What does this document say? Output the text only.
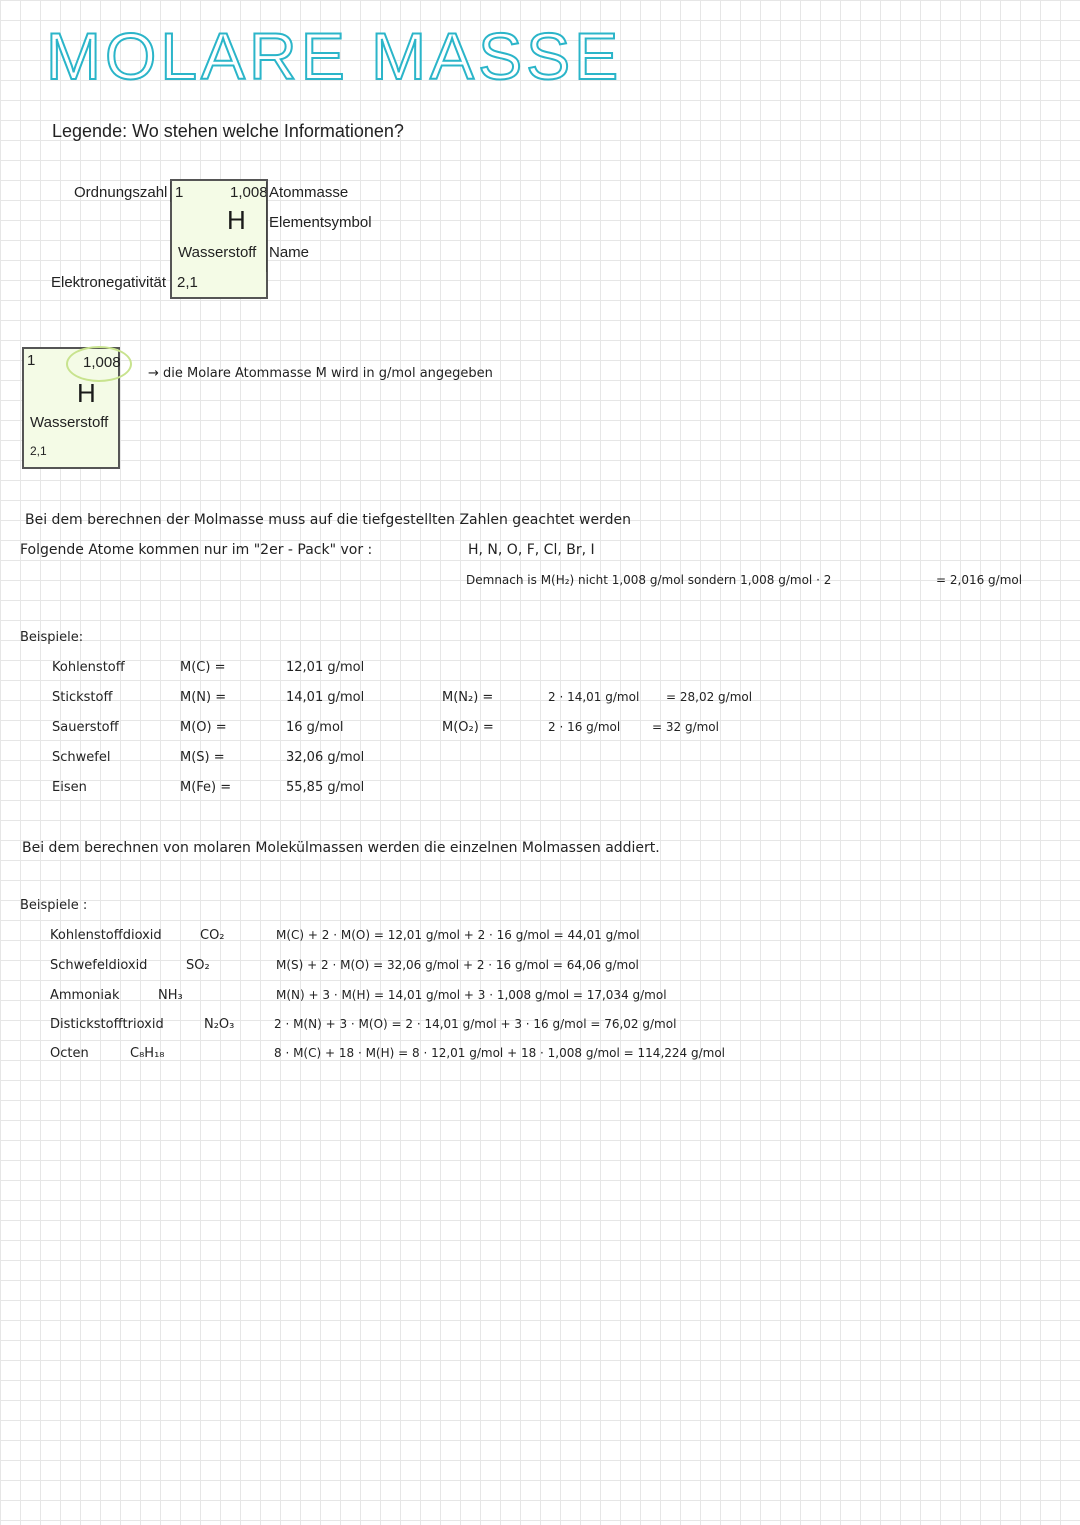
MOLARE MASSE
Legende: Wo stehen welche Informationen?
Ordnungszahl 1	1,008 Atommasse
H Elementsymbol
Wasserstoff Name
Elektronegativität 2,1
1	1,008
H
Wasserstoff
2,1
→ die Molare Atommasse M wird in g/mol angegeben
Bei dem berechnen der Molmasse muss auf die tiefgestellten Zahlen geachtet werden
Folgende Atome kommen nur im "2er - Pack" vor :	H, N, O, F, Cl, Br, I
Demnach is M(H₂) nicht 1,008 g/mol sondern 1,008 g/mol · 2	= 2,016 g/mol
Beispiele:
Kohlenstoff	M(C) =	12,01 g/mol
Stickstoff	M(N) =	14,01 g/mol	M(N₂) =	2 · 14,01 g/mol = 28,02 g/mol
Sauerstoff	M(O) =	16 g/mol	M(O₂) =	2 · 16 g/mol	= 32 g/mol
Schwefel	M(S) =	32,06 g/mol
Eisen	M(Fe) =	55,85 g/mol
Bei dem berechnen von molaren Molekülmassen werden die einzelnen Molmassen addiert.
Beispiele :
Kohlenstoffdioxid	CO₂	M(C) + 2 · M(O) = 12,01 g/mol + 2 · 16 g/mol = 44,01 g/mol
Schwefeldioxid	SO₂	M(S) + 2 · M(O) = 32,06 g/mol + 2 · 16 g/mol = 64,06 g/mol
Ammoniak	NH₃	M(N) + 3 · M(H) = 14,01 g/mol + 3 · 1,008 g/mol = 17,034 g/mol
Distickstofftrioxid	N₂O₃	2 · M(N) + 3 · M(O) = 2 · 14,01 g/mol + 3 · 16 g/mol = 76,02 g/mol
Octen	C₈H₁₈	8 · M(C) + 18 · M(H) = 8 · 12,01 g/mol + 18 · 1,008 g/mol = 114,224 g/mol
